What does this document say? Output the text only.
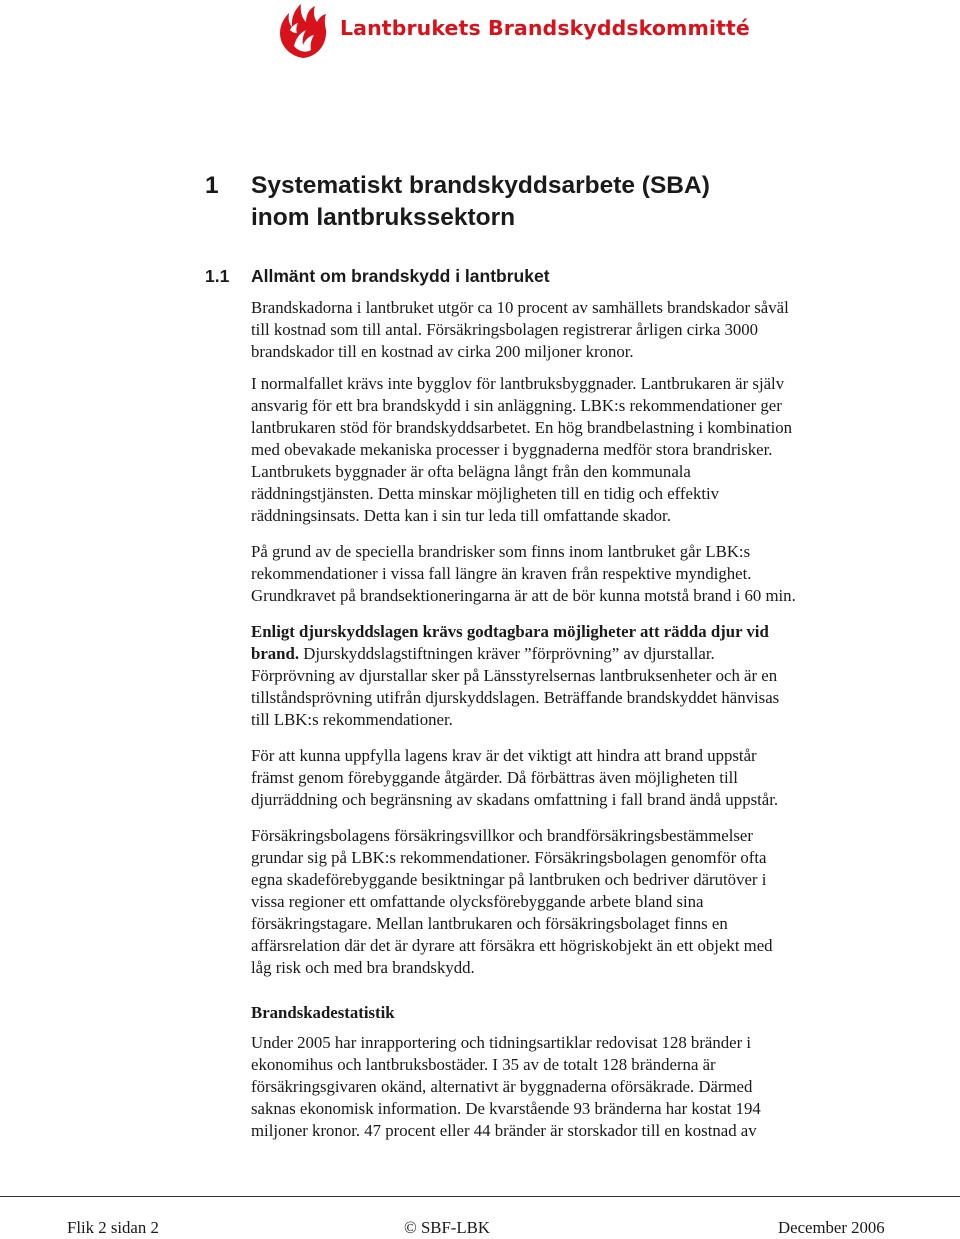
Lantbrukets Brandskyddskommitté
1 Systematiskt brandskyddsarbete (SBA)
inom lantbrukssektorn
1.1 Allmänt om brandskydd i lantbruket

Brandskadorna i lantbruket utgör ca 10 procent av samhällets brandskador såväl till kostnad som till antal. Försäkringsbolagen registrerar årligen cirka 3000 brandskador till en kostnad av cirka 200 miljoner kronor.

I normalfallet krävs inte bygglov för lantbruksbyggnader. Lantbrukaren är själv ansvarig för ett bra brandskydd i sin anläggning. LBK:s rekommendationer ger lantbrukaren stöd för brandskyddsarbetet. En hög brandbelastning i kombination med obevakade mekaniska processer i byggnaderna medför stora brandrisker. Lantbrukets byggnader är ofta belägna långt från den kommunala räddningstjänsten. Detta minskar möjligheten till en tidig och effektiv räddningsinsats. Detta kan i sin tur leda till omfattande skador.

På grund av de speciella brandrisker som finns inom lantbruket går LBK:s rekommendationer i vissa fall längre än kraven från respektive myndighet. Grundkravet på brandsektioneringarna är att de bör kunna motstå brand i 60 min.

Enligt djurskyddslagen krävs godtagbara möjligheter att rädda djur vid brand. Djurskyddslagstiftningen kräver ”förprövning” av djurstallar. Förprövning av djurstallar sker på Länsstyrelsernas lantbruksenheter och är en tillståndsprövning utifrån djurskyddslagen. Beträffande brandskyddet hänvisas till LBK:s rekommendationer.

För att kunna uppfylla lagens krav är det viktigt att hindra att brand uppstår främst genom förebyggande åtgärder. Då förbättras även möjligheten till djurräddning och begränsning av skadans omfattning i fall brand ändå uppstår.

Försäkringsbolagens försäkringsvillkor och brandförsäkringsbestämmelser grundar sig på LBK:s rekommendationer. Försäkringsbolagen genomför ofta egna skadeförebyggande besiktningar på lantbruken och bedriver därutöver i vissa regioner ett omfattande olycksförebyggande arbete bland sina försäkringstagare. Mellan lantbrukaren och försäkringsbolaget finns en affärsrelation där det är dyrare att försäkra ett högriskobjekt än ett objekt med låg risk och med bra brandskydd.

Brandskadestatistik

Under 2005 har inrapportering och tidningsartiklar redovisat 128 bränder i ekonomihus och lantbruksbostäder. I 35 av de totalt 128 bränderna är försäkringsgivaren okänd, alternativt är byggnaderna oförsäkrade. Därmed saknas ekonomisk information. De kvarstående 93 bränderna har kostat 194 miljoner kronor. 47 procent eller 44 bränder är storskador till en kostnad av

Flik 2 sidan 2	© SBF-LBK	December 2006
